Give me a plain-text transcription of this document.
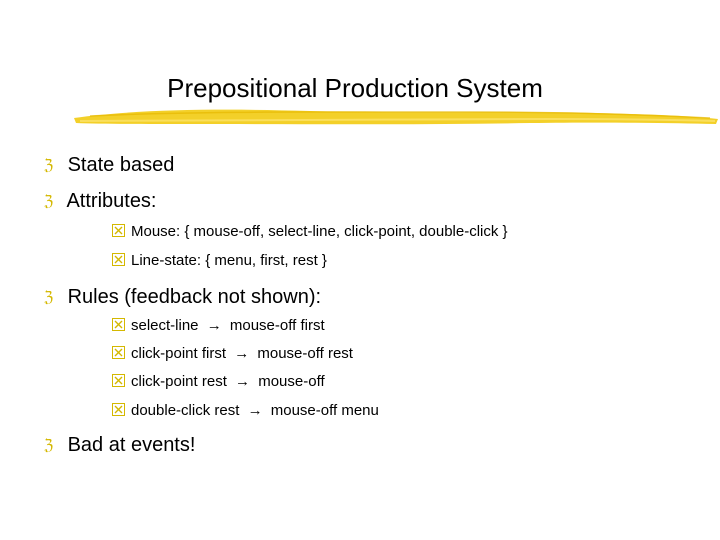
Prepositional Production System
ℨ State based
ℨ Attributes:
Mouse: { mouse-off, select-line, click-point, double-click }
Line-state: { menu, first, rest }
ℨ Rules (feedback not shown):
select-line → mouse-off first
click-point first → mouse-off rest
click-point rest → mouse-off
double-click rest → mouse-off menu
ℨ Bad at events!
